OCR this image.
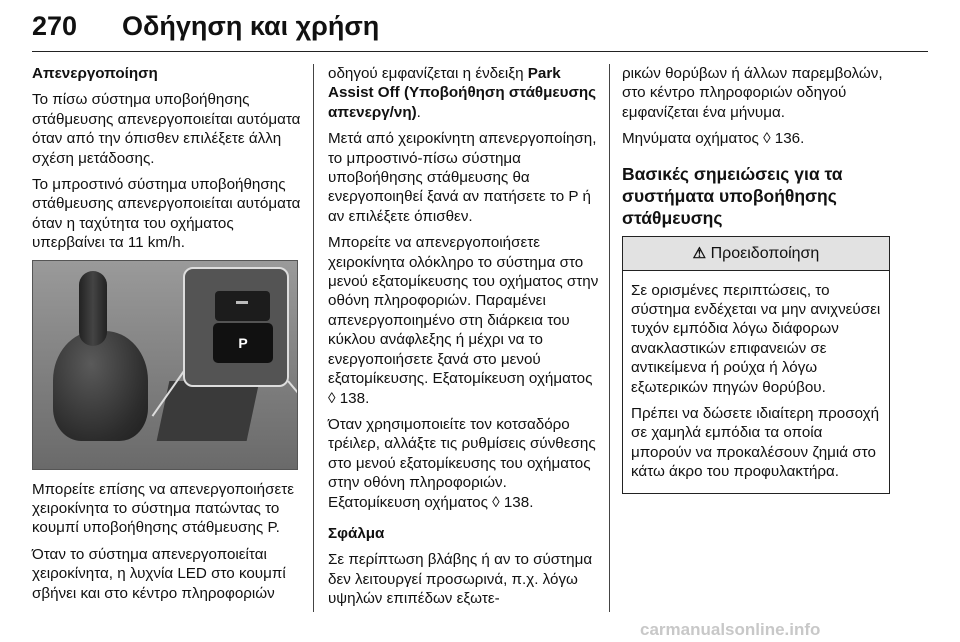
270 Οδήγηση και χρήση

Απενεργοποίηση

Το πίσω σύστημα υποβοήθησης στάθμευσης απενεργοποιείται αυτόματα όταν από την όπισθεν επιλέξετε άλλη σχέση μετάδοσης.

Το μπροστινό σύστημα υποβοήθησης στάθμευσης απενεργοποιείται αυτόματα όταν η ταχύτητα του οχήματος υπερβαίνει τα 11 km/h.

P

Μπορείτε επίσης να απενεργοποιήσετε χειροκίνητα το σύστημα πατώντας το κουμπί υποβοήθησης στάθμευσης P.

Όταν το σύστημα απενεργοποιείται χειροκίνητα, η λυχνία LED στο κουμπί σβήνει και στο κέντρο πληροφοριών

οδηγού εμφανίζεται η ένδειξη Park Assist Off (Υποβοήθηση στάθμευσης απενεργ/νη).

Μετά από χειροκίνητη απενεργοποίηση, το μπροστινό-πίσω σύστημα υποβοήθησης στάθμευσης θα ενεργοποιηθεί ξανά αν πατήσετε το P ή αν επιλέξετε όπισθεν.

Μπορείτε να απενεργοποιήσετε χειροκίνητα ολόκληρο το σύστημα στο μενού εξατομίκευσης του οχήματος στην οθόνη πληροφοριών. Παραμένει απενεργοποιημένο στη διάρκεια του κύκλου ανάφλεξης ή μέχρι να το ενεργοποιήσετε ξανά στο μενού εξατομίκευσης. Εξατομίκευση οχήματος ◊ 138.

Όταν χρησιμοποιείτε τον κοτσαδόρο τρέιλερ, αλλάξτε τις ρυθμίσεις σύνθεσης στο μενού εξατομίκευσης του οχήματος στην οθόνη πληροφοριών. Εξατομίκευση οχήματος ◊ 138.

Σφάλμα

Σε περίπτωση βλάβης ή αν το σύστημα δεν λειτουργεί προσωρινά, π.χ. λόγω υψηλών επιπέδων εξωτε-

ρικών θορύβων ή άλλων παρεμβολών, στο κέντρο πληροφοριών οδηγού εμφανίζεται ένα μήνυμα.

Μηνύματα οχήματος ◊ 136.

Βασικές σημειώσεις για τα συστήματα υποβοήθησης στάθμευσης

⚠ Προειδοποίηση

Σε ορισμένες περιπτώσεις, το σύστημα ενδέχεται να μην ανιχνεύσει τυχόν εμπόδια λόγω διάφορων ανακλαστικών επιφανειών σε αντικείμενα ή ρούχα ή λόγω εξωτερικών πηγών θορύβου.

Πρέπει να δώσετε ιδιαίτερη προσοχή σε χαμηλά εμπόδια τα οποία μπορούν να προκαλέσουν ζημιά στο κάτω άκρο του προφυλακτήρα.

carmanualsonline.info
